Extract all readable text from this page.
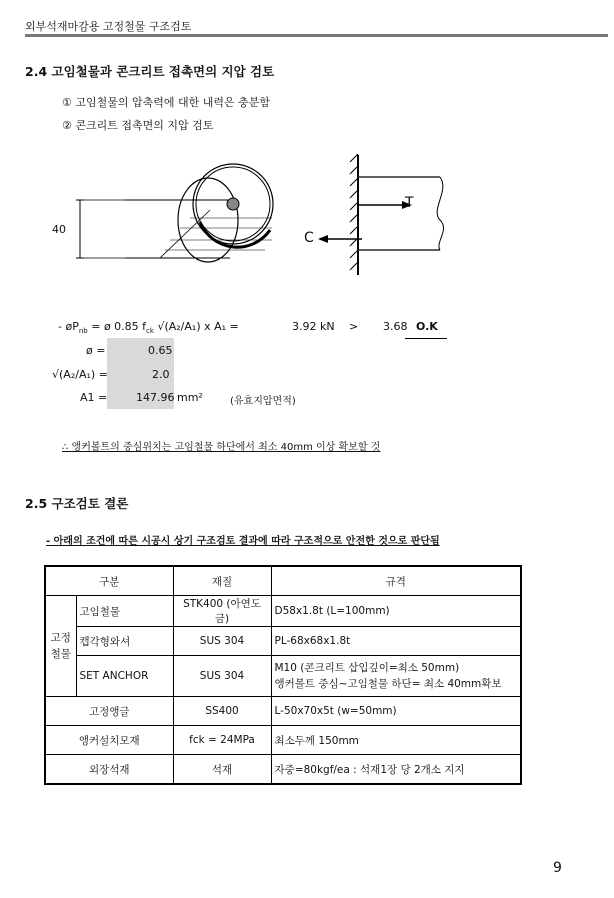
외부석재마감용 고정철물 구조검토
2.4 고임철물과 콘크리트 접촉면의 지압 검토
① 고임철물의 압축력에 대한 내력은 충분함
② 콘크리트 접촉면의 지압 검토
40
T
C
- $øP_{nb}$ = ø 0.85 $f_{ck}$ √(A₂/A₁) x A₁ =	3.92 kN > 3.68 O.K
ø =	0.65
√(A₂/A₁) =	2.0
A1 =	147.96 mm²	(유효지압면적)
∴ 앵커볼트의 중심위치는 고임철물 하단에서 최소 40mm 이상 확보할 것
2.5 구조검토 결론
- 아래의 조건에 따른 시공시 상기 구조검토 결과에 따라 구조적으로 안전한 것으로 판단됨
구분		재질	규격
고정
철물	고임철물	STK400 (아연도금)	D58x1.8t (L=100mm)
	캡각형와셔	SUS 304	PL-68x68x1.8t
	SET ANCHOR	SUS 304	M10 (콘크리트 삽입깊이=최소 50mm)
앵커볼트 중심~고임철물 하단= 최소 40mm확보
고정앵글		SS400	L-50x70x5t (w=50mm)
앵커설치모재		fck = 24MPa	최소두께 150mm
외장석재		석재	자중=80kgf/ea : 석재1장 당 2개소 지지
9
